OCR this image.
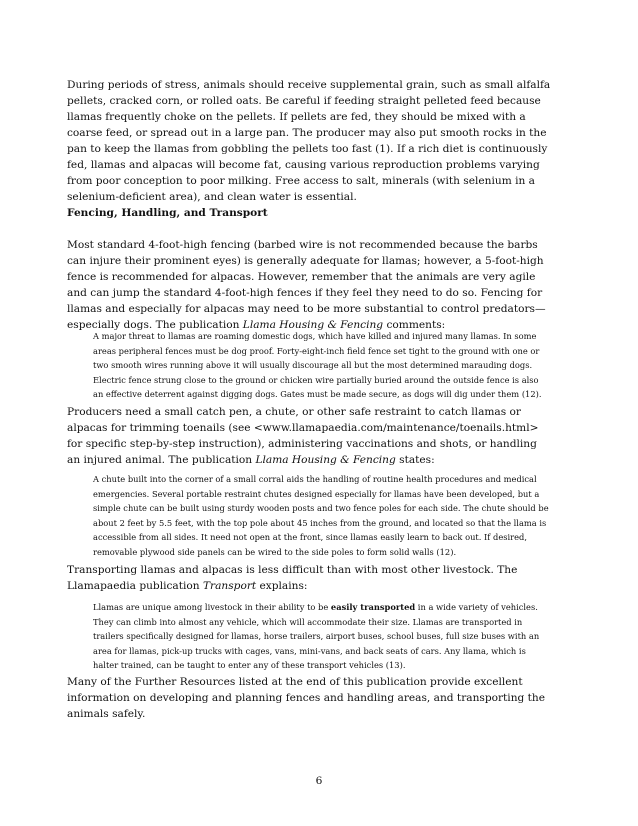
During periods of stress, animals should receive supplemental grain, such as small alfalfa pellets, cracked corn, or rolled oats. Be careful if feeding straight pelleted feed because llamas frequently choke on the pellets. If pellets are fed, they should be mixed with a coarse feed, or spread out in a large pan. The producer may also put smooth rocks in the pan to keep the llamas from gobbling the pellets too fast (1). If a rich diet is continuously fed, llamas and alpacas will become fat, causing various reproduction problems varying from poor conception to poor milking. Free access to salt, minerals (with selenium in a selenium-deficient area), and clean water is essential.

Fencing, Handling, and Transport

Most standard 4-foot-high fencing (barbed wire is not recommended because the barbs can injure their prominent eyes) is generally adequate for llamas; however, a 5-foot-high fence is recommended for alpacas. However, remember that the animals are very agile and can jump the standard 4-foot-high fences if they feel they need to do so. Fencing for llamas and especially for alpacas may need to be more substantial to control predators—especially dogs. The publication Llama Housing & Fencing comments:

A major threat to llamas are roaming domestic dogs, which have killed and injured many llamas. In some areas peripheral fences must be dog proof. Forty-eight-inch field fence set tight to the ground with one or two smooth wires running above it will usually discourage all but the most determined marauding dogs. Electric fence strung close to the ground or chicken wire partially buried around the outside fence is also an effective deterrent against digging dogs. Gates must be made secure, as dogs will dig under them (12).

Producers need a small catch pen, a chute, or other safe restraint to catch llamas or alpacas for trimming toenails (see <www.llamapaedia.com/maintenance/toenails.html> for specific step-by-step instruction), administering vaccinations and shots, or handling an injured animal. The publication Llama Housing & Fencing states:

A chute built into the corner of a small corral aids the handling of routine health procedures and medical emergencies. Several portable restraint chutes designed especially for llamas have been developed, but a simple chute can be built using sturdy wooden posts and two fence poles for each side. The chute should be about 2 feet by 5.5 feet, with the top pole about 45 inches from the ground, and located so that the llama is accessible from all sides. It need not open at the front, since llamas easily learn to back out. If desired, removable plywood side panels can be wired to the side poles to form solid walls (12).

Transporting llamas and alpacas is less difficult than with most other livestock. The Llamapaedia publication Transport explains:

Llamas are unique among livestock in their ability to be easily transported in a wide variety of vehicles. They can climb into almost any vehicle, which will accommodate their size. Llamas are transported in trailers specifically designed for llamas, horse trailers, airport buses, school buses, full size buses with an area for llamas, pick-up trucks with cages, vans, mini-vans, and back seats of cars. Any llama, which is halter trained, can be taught to enter any of these transport vehicles (13).

Many of the Further Resources listed at the end of this publication provide excellent information on developing and planning fences and handling areas, and transporting the animals safely.

6
